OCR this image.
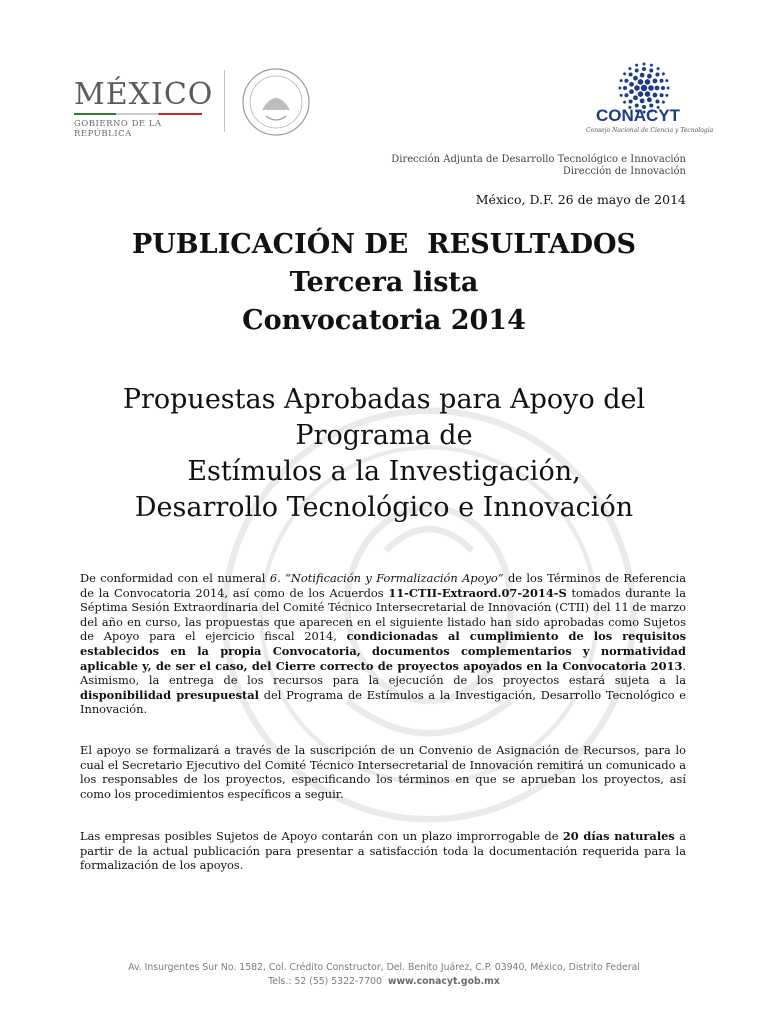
MÉXICO
GOBIERNO DE LA REPÚBLICA
CONACYT
Consejo Nacional de Ciencia y Tecnología
Dirección Adjunta de Desarrollo Tecnológico e Innovación
Dirección de Innovación
México, D.F. 26 de mayo de 2014
PUBLICACIÓN DE  RESULTADOS
Tercera lista
Convocatoria 2014
Propuestas Aprobadas para Apoyo del
Programa de
Estímulos a la Investigación,
Desarrollo Tecnológico e Innovación
De conformidad con el numeral 6. “Notificación y Formalización Apoyo” de los Términos de Referencia de la Convocatoria 2014, así como de los Acuerdos 11-CTII-Extraord.07-2014-S tomados durante la Séptima Sesión Extraordinaria del Comité Técnico Intersecretarial de Innovación (CTII) del 11 de marzo del año en curso, las propuestas que aparecen en el siguiente listado han sido aprobadas como Sujetos de Apoyo para el ejercicio fiscal 2014, condicionadas al cumplimiento de los requisitos establecidos en la propia Convocatoria, documentos complementarios y normatividad aplicable y, de ser el caso, del Cierre correcto de proyectos apoyados en la Convocatoria 2013. Asimismo, la entrega de los recursos para la ejecución de los proyectos estará sujeta a la disponibilidad presupuestal del Programa de Estímulos a la Investigación, Desarrollo Tecnológico e Innovación.
El apoyo se formalizará a través de la suscripción de un Convenio de Asignación de Recursos, para lo cual el Secretario Ejecutivo del Comité Técnico Intersecretarial de Innovación remitirá un comunicado a los responsables de los proyectos, especificando los términos en que se aprueban los proyectos, así como los procedimientos específicos a seguir.
Las empresas posibles Sujetos de Apoyo contarán con un plazo improrrogable de 20 días naturales a partir de la actual publicación para presentar a satisfacción toda la documentación requerida para la formalización de los apoyos.
Av. Insurgentes Sur No. 1582, Col. Crédito Constructor, Del. Benito Juárez, C.P. 03940, México, Distrito Federal
Tels.: 52 (55) 5322-7700 www.conacyt.gob.mx
